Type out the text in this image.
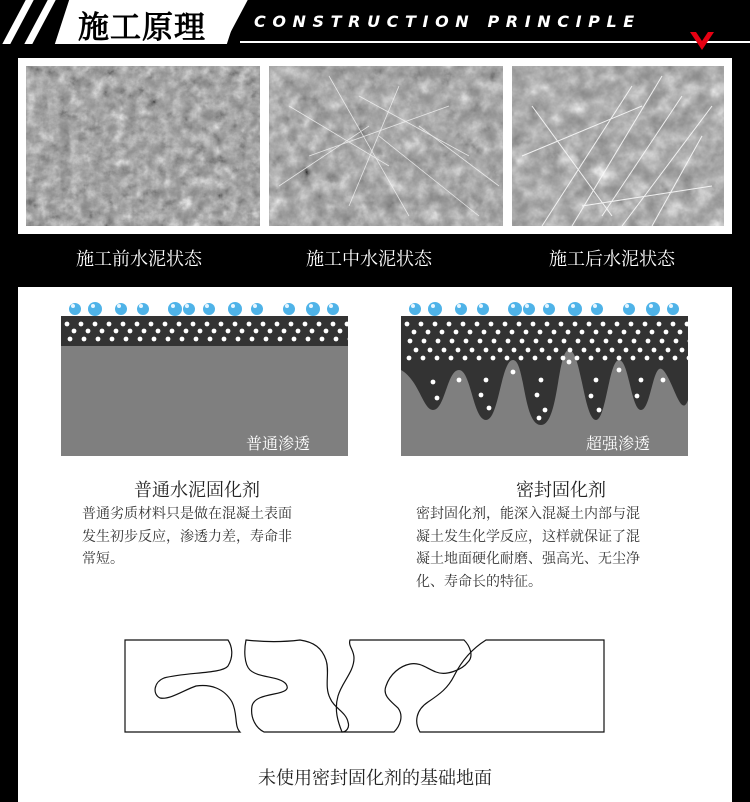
施工原理	CONSTRUCTION PRINCIPLE
施工前水泥状态	施工中水泥状态	施工后水泥状态
普通渗透	超强渗透
普通水泥固化剂
普通劣质材料只是做在混凝土表面
发生初步反应，渗透力差，寿命非
常短。
密封固化剂
密封固化剂，能深入混凝土内部与混
凝土发生化学反应，这样就保证了混
凝土地面硬化耐磨、强高光、无尘净
化、寿命长的特征。
未使用密封固化剂的基础地面
